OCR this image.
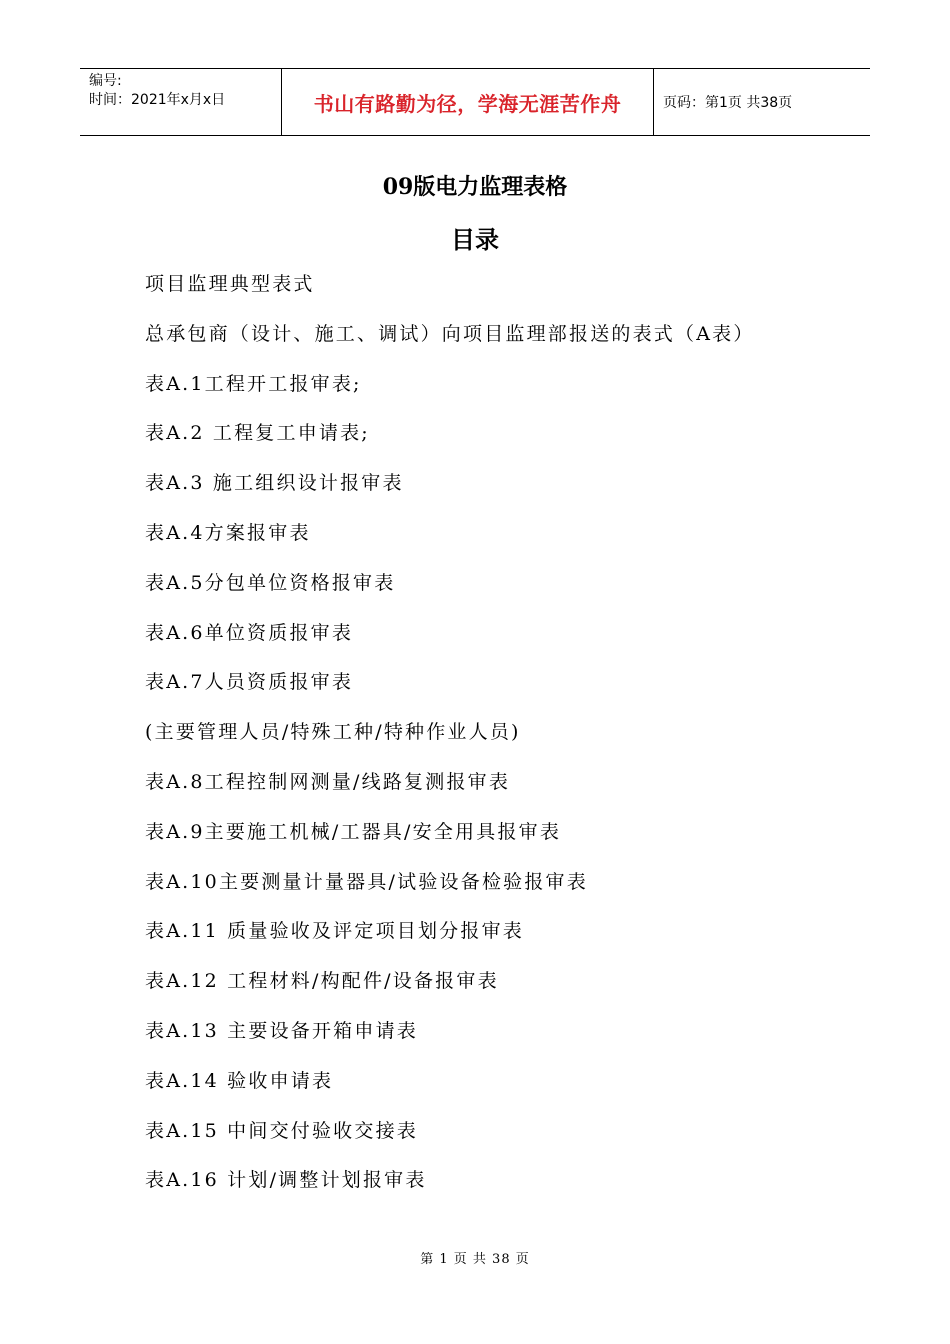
编号:
时间：2021年x月x日	书山有路勤为径，学海无涯苦作舟	页码：第1页 共38页
09版电力监理表格
目录
项目监理典型表式
总承包商（设计、施工、调试）向项目监理部报送的表式（A表）
表A.1工程开工报审表;
表A.2 工程复工申请表;
表A.3 施工组织设计报审表
表A.4方案报审表
表A.5分包单位资格报审表
表A.6单位资质报审表
表A.7人员资质报审表
(主要管理人员/特殊工种/特种作业人员)
表A.8工程控制网测量/线路复测报审表
表A.9主要施工机械/工器具/安全用具报审表
表A.10主要测量计量器具/试验设备检验报审表
表A.11 质量验收及评定项目划分报审表
表A.12 工程材料/构配件/设备报审表
表A.13 主要设备开箱申请表
表A.14 验收申请表
表A.15 中间交付验收交接表
表A.16 计划/调整计划报审表
第 1 页 共 38 页
